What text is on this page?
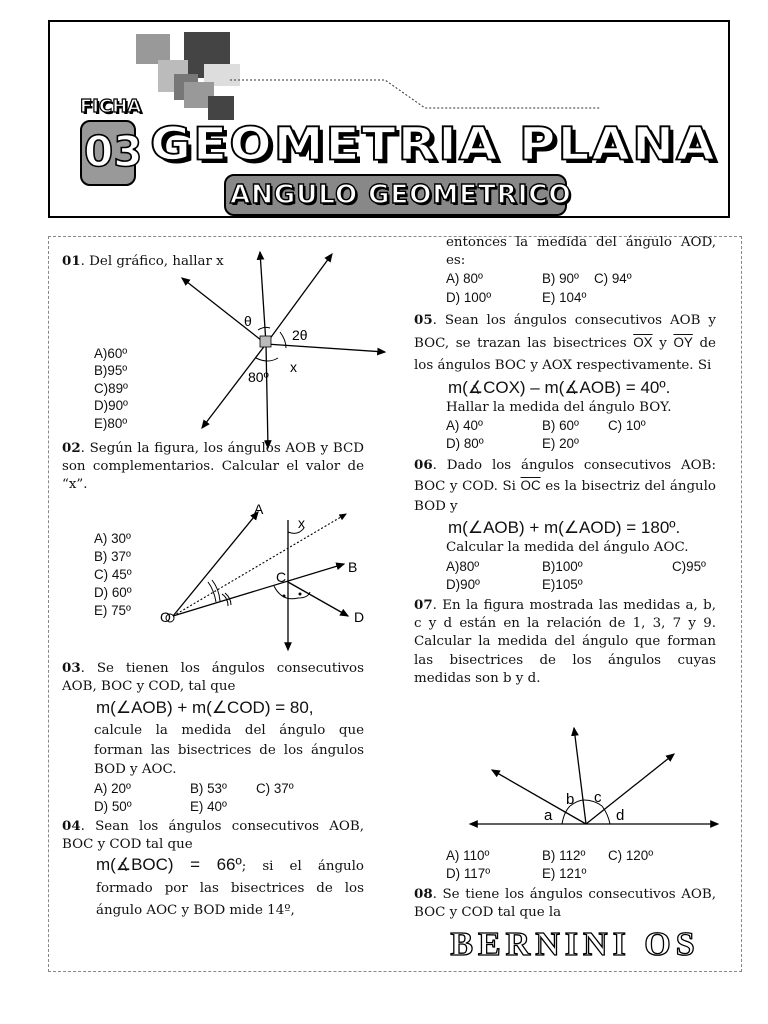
FICHA
03 GEOMETRIA PLANA
ANGULO GEOMETRICO

01. Del gráfico, hallar x

θ
2θ
x
80º
A)60º
B)95º
C)89º
D)90º
E)80º

02. Según la figura, los ángulos AOB y BCD son complementarios. Calcular el valor de “x”.

A) 30º
B) 37º
C) 45º
D) 60º
E) 75º
A
x
B
C
D
O

03. Se tienen los ángulos consecutivos AOB, BOC y COD, tal que

m(∠AOB) + m(∠COD) = 80,

calcule la medida del ángulo que forman las bisectrices de los ángulos BOD y AOC.

A) 20º	B) 53º	C) 37º
D) 50º	E) 40º

04. Sean los ángulos consecutivos AOB, BOC y COD tal que

m(∡BOC) = 66º; si el ángulo formado por las bisectrices de los ángulo AOC y BOD mide 14º,

entonces la medida del ángulo AOD, es:

A) 80º	B) 90º	C) 94º
D) 100º	E) 104º

05. Sean los ángulos consecutivos AOB y BOC, se trazan las bisectrices $\overline{OX}$ y $\overline{OY}$ de los ángulos BOC y AOX respectivamente. Si

m(∡COX) – m(∡AOB) = 40º.

Hallar la medida del ángulo BOY.

A) 40º	B) 60º	C) 10º
D) 80º	E) 20º

06. Dado los ángulos consecutivos AOB: BOC y COD. Si $\overline{OC}$ es la bisectriz del ángulo BOD y

m(∠AOB) + m(∠AOD) = 180º.

Calcular la medida del ángulo AOC.

A)80º	B)100º	C)95º
D)90º	E)105º

07. En la figura mostrada las medidas a, b, c y d están en la relación de 1, 3, 7 y 9. Calcular la medida del ángulo que forman las bisectrices de los ángulos cuyas medidas son b y d.

a
b c
d
A) 110º	B) 112º	C) 120º
D) 117º	E) 121º

08. Se tiene los ángulos consecutivos AOB, BOC y COD tal que la

BERNINI OS
